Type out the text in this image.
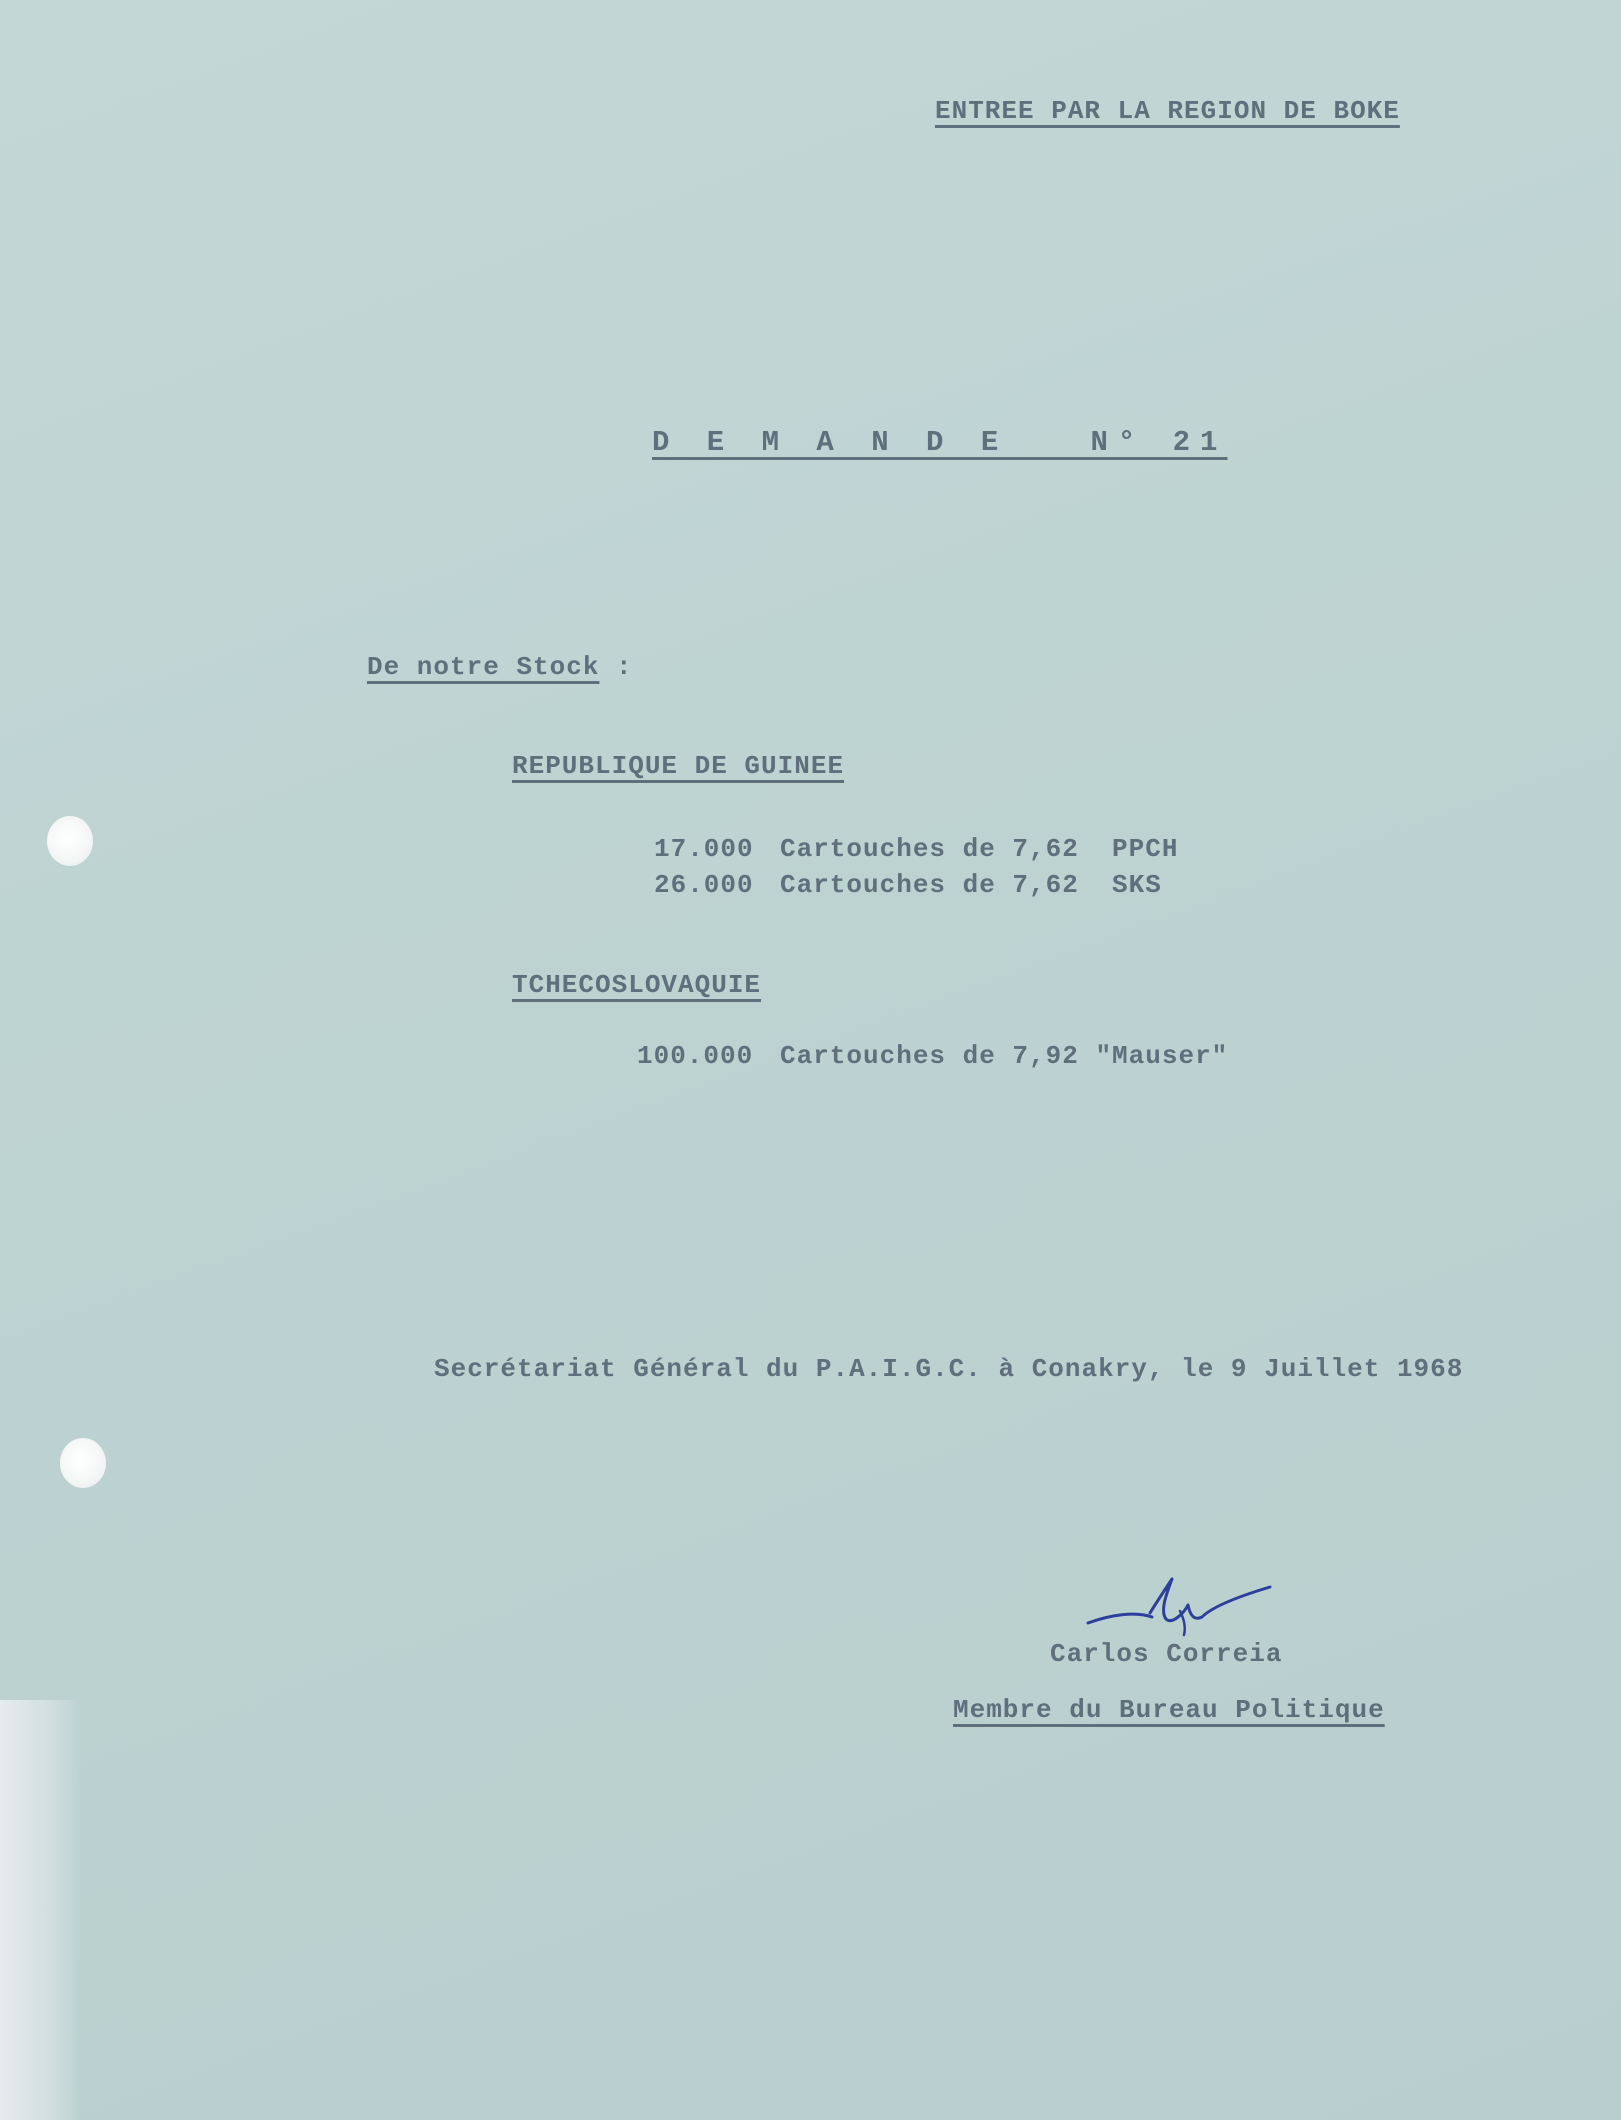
ENTREE PAR LA REGION DE BOKE
D E M A N D E   N° 21
De notre Stock :
REPUBLIQUE DE GUINEE
17.000 Cartouches de 7,62  PPCH
26.000 Cartouches de 7,62  SKS
TCHECOSLOVAQUIE
100.000 Cartouches de 7,92 "Mauser"
Secrétariat Général du P.A.I.G.C. à Conakry, le 9 Juillet 1968
Carlos Correia
Membre du Bureau Politique
